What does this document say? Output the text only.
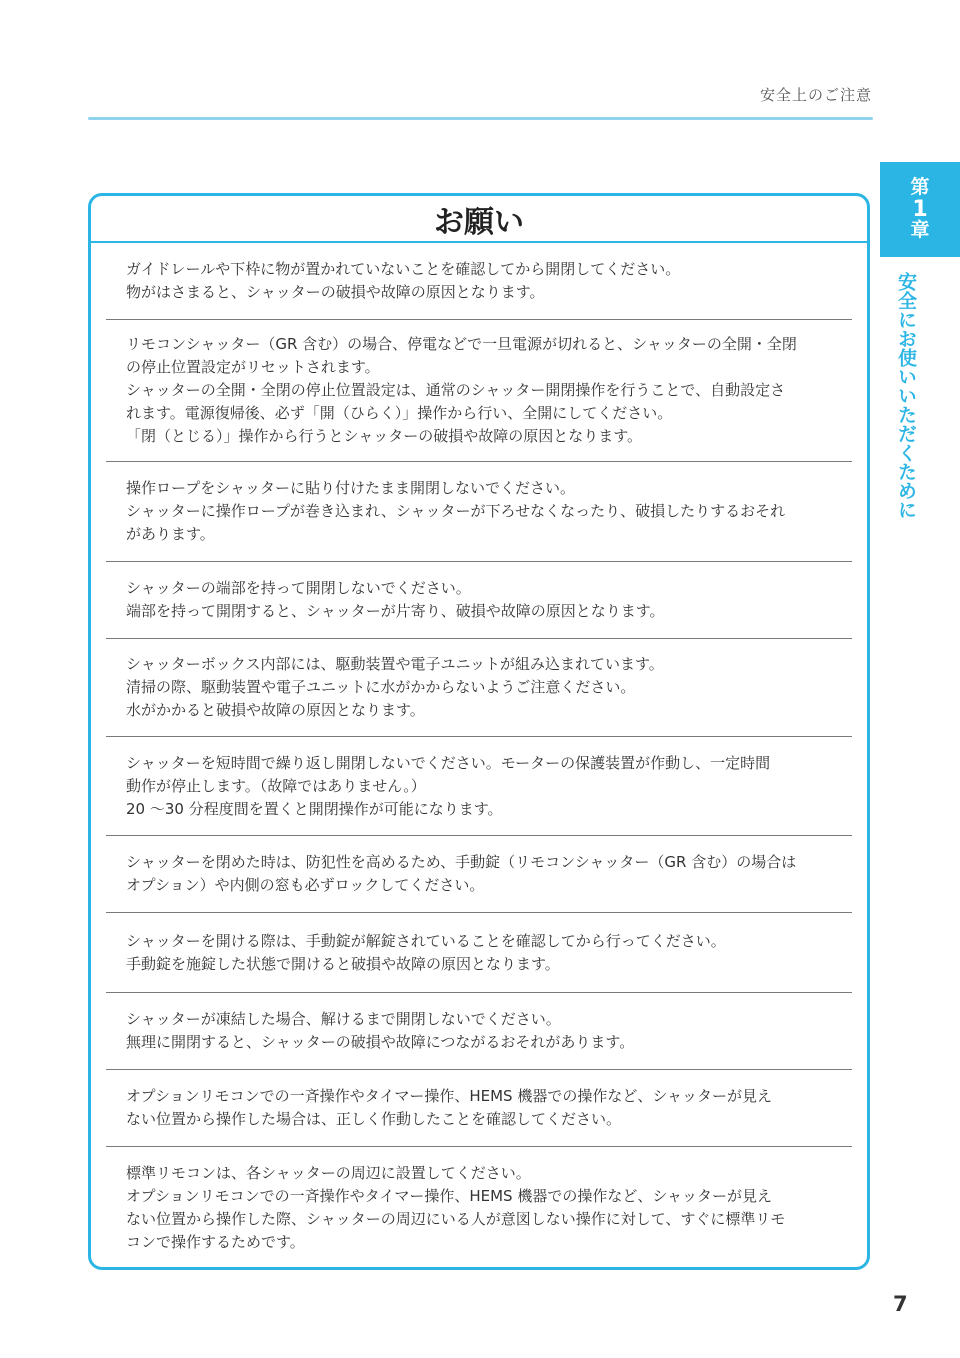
安全上のご注意
第
1
章
安全にお使いいただくために
お願い

ガイドレールや下枠に物が置かれていないことを確認してから開閉してください。

物がはさまると、シャッターの破損や故障の原因となります。

リモコンシャッター（GR 含む）の場合、停電などで一旦電源が切れると、シャッターの全開・全閉

の停止位置設定がリセットされます。

シャッターの全開・全閉の停止位置設定は、通常のシャッター開閉操作を行うことで、自動設定さ

れます。電源復帰後、必ず「開（ひらく）」操作から行い、全開にしてください。

「閉（とじる）」操作から行うとシャッターの破損や故障の原因となります。

操作ロープをシャッターに貼り付けたまま開閉しないでください。

シャッターに操作ロープが巻き込まれ、シャッターが下ろせなくなったり、破損したりするおそれ

があります。

シャッターの端部を持って開閉しないでください。

端部を持って開閉すると、シャッターが片寄り、破損や故障の原因となります。

シャッターボックス内部には、駆動装置や電子ユニットが組み込まれています。

清掃の際、駆動装置や電子ユニットに水がかからないようご注意ください。

水がかかると破損や故障の原因となります。

シャッターを短時間で繰り返し開閉しないでください。モーターの保護装置が作動し、一定時間

動作が停止します。（故障ではありません。）

20 ～30 分程度間を置くと開閉操作が可能になります。

シャッターを閉めた時は、防犯性を高めるため、手動錠（リモコンシャッター（GR 含む）の場合は

オプション）や内側の窓も必ずロックしてください。

シャッターを開ける際は、手動錠が解錠されていることを確認してから行ってください。

手動錠を施錠した状態で開けると破損や故障の原因となります。

シャッターが凍結した場合、解けるまで開閉しないでください。

無理に開閉すると、シャッターの破損や故障につながるおそれがあります。

オプションリモコンでの一斉操作やタイマー操作、HEMS 機器での操作など、シャッターが見え

ない位置から操作した場合は、正しく作動したことを確認してください。

標準リモコンは、各シャッターの周辺に設置してください。

オプションリモコンでの一斉操作やタイマー操作、HEMS 機器での操作など、シャッターが見え

ない位置から操作した際、シャッターの周辺にいる人が意図しない操作に対して、すぐに標準リモ

コンで操作するためです。

7
